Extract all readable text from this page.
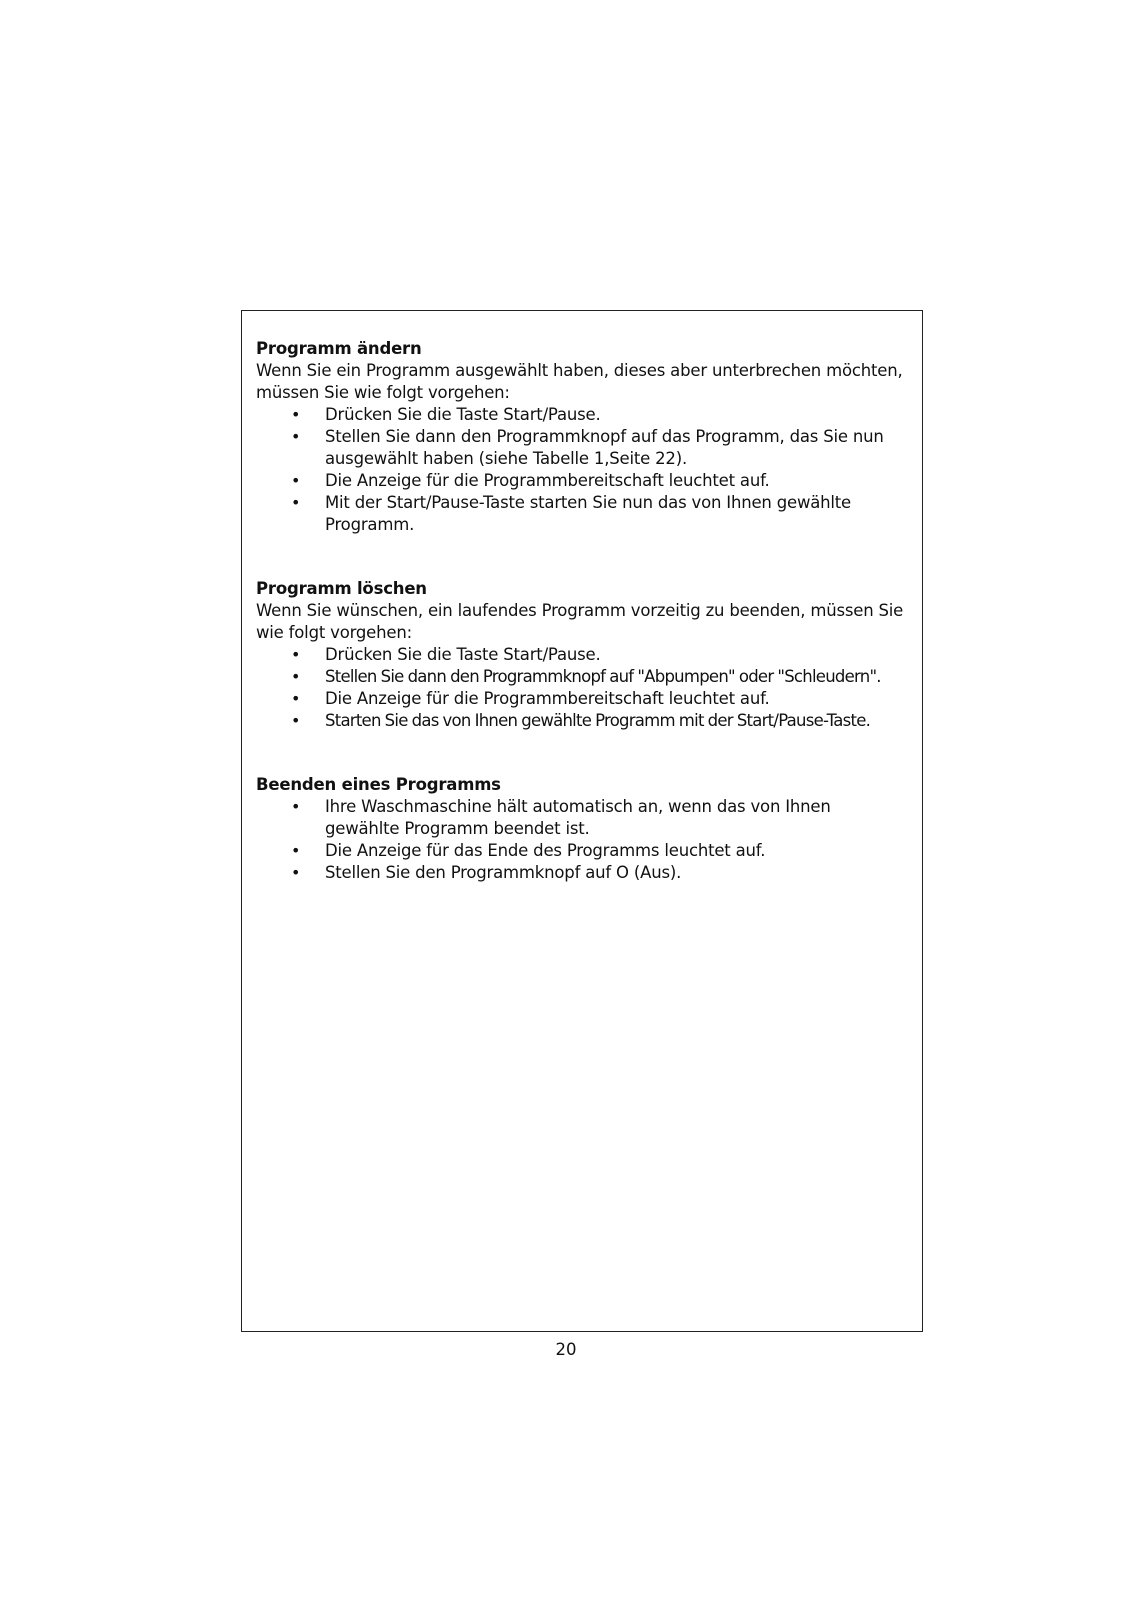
Programm ändern
Wenn Sie ein Programm ausgewählt haben, dieses aber unterbrechen möchten, müssen Sie wie folgt vorgehen:
• Drücken Sie die Taste Start/Pause.
• Stellen Sie dann den Programmknopf auf das Programm, das Sie nun ausgewählt haben (siehe Tabelle 1,Seite 22).
• Die Anzeige für die Programmbereitschaft leuchtet auf.
• Mit der Start/Pause-Taste starten Sie nun das von Ihnen gewählte Programm.
Programm löschen
Wenn Sie wünschen, ein laufendes Programm vorzeitig zu beenden, müssen Sie wie folgt vorgehen:
• Drücken Sie die Taste Start/Pause.
• Stellen Sie dann den Programmknopf auf "Abpumpen" oder "Schleudern".
• Die Anzeige für die Programmbereitschaft leuchtet auf.
• Starten Sie das von Ihnen gewählte Programm mit der Start/Pause-Taste.
Beenden eines Programms
• Ihre Waschmaschine hält automatisch an, wenn das von Ihnen gewählte Programm beendet ist.
• Die Anzeige für das Ende des Programms leuchtet auf.
• Stellen Sie den Programmknopf auf O (Aus).
20
